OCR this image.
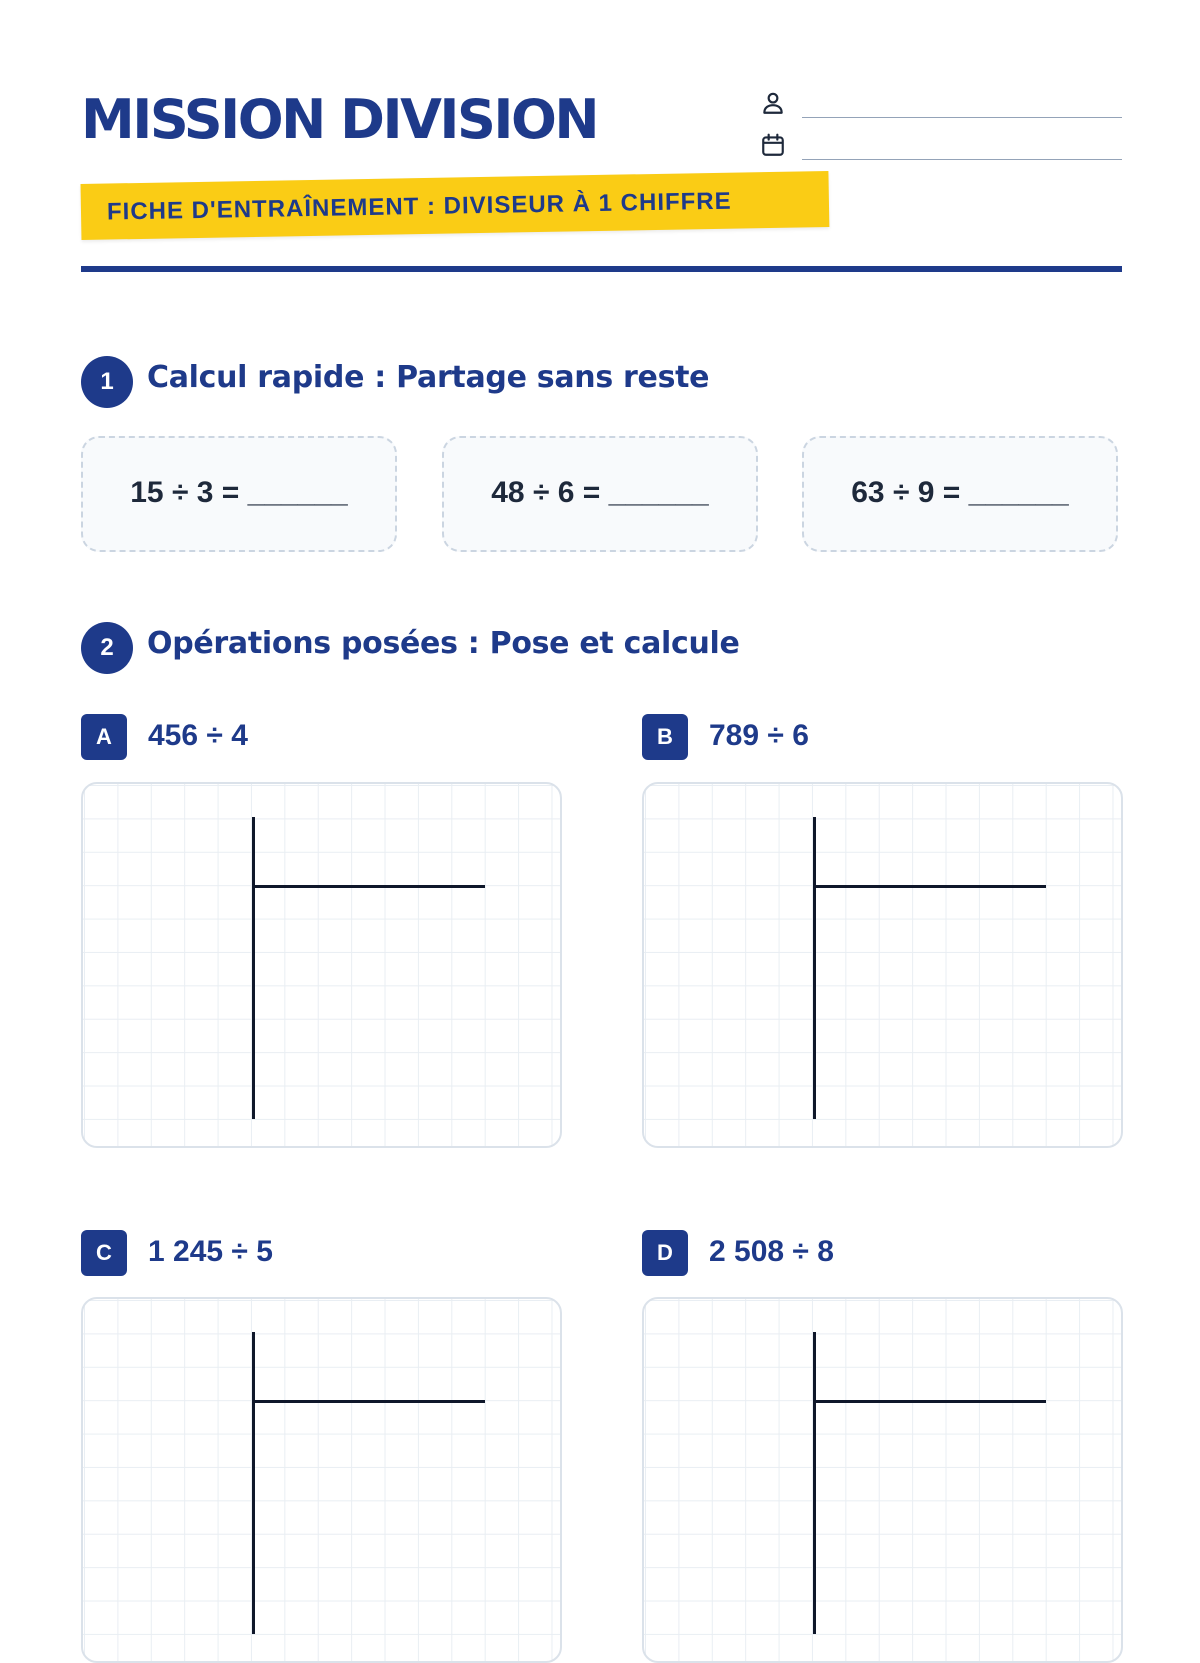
MISSION DIVISION
FICHE D'ENTRAÎNEMENT : DIVISEUR À 1 CHIFFRE
1	Calcul rapide : Partage sans reste
15 ÷ 3 = ______	48 ÷ 6 = ______	63 ÷ 9 = ______
2	Opérations posées : Pose et calcule
A	456 ÷ 4	B	789 ÷ 6
C	1 245 ÷ 5	D	2 508 ÷ 8
